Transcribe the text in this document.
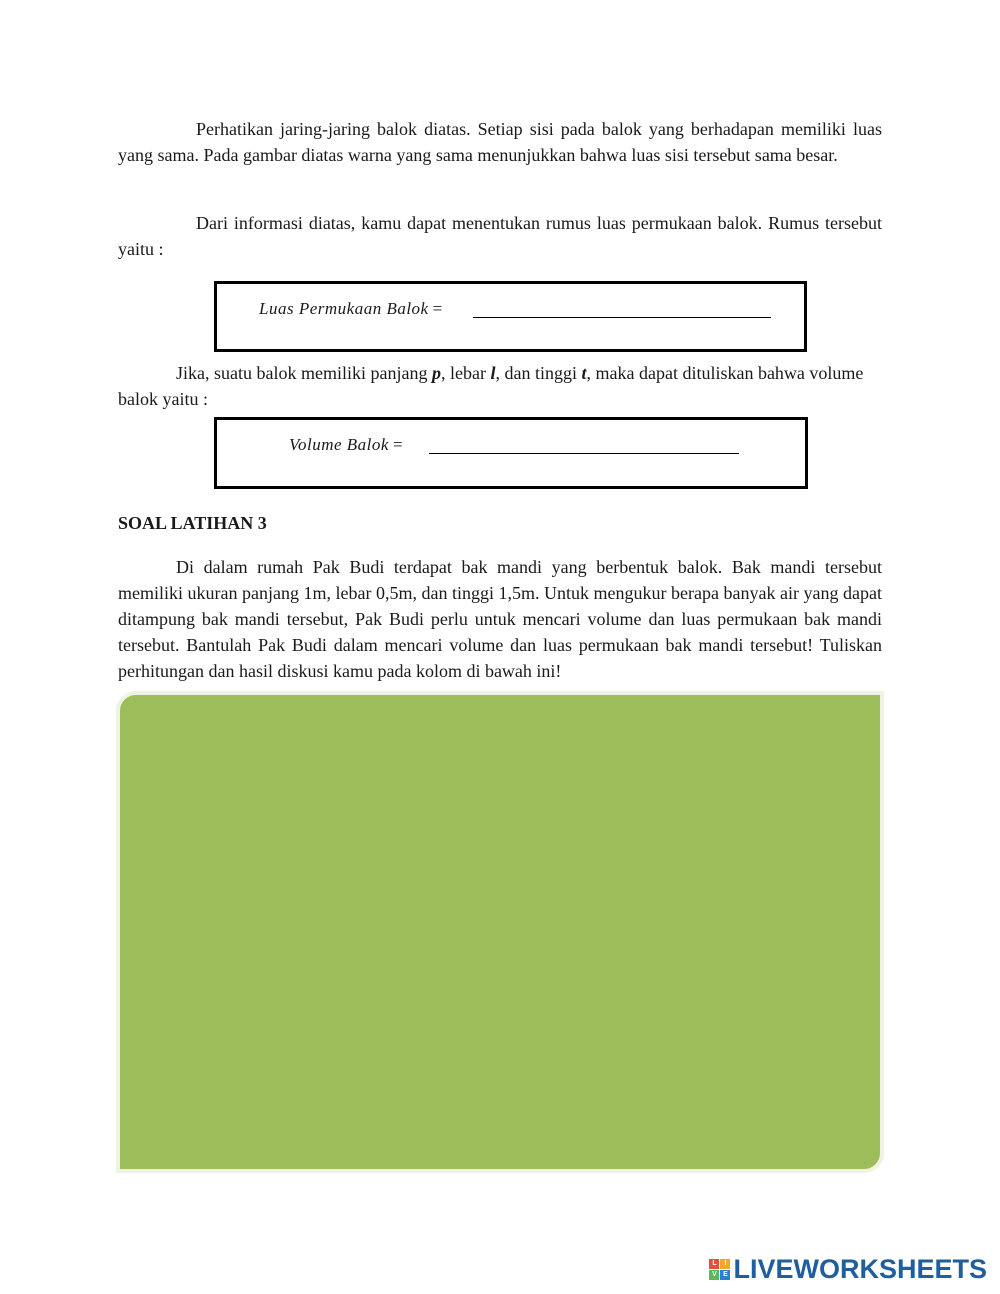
Perhatikan jaring-jaring balok diatas. Setiap sisi pada balok yang berhadapan memiliki luas yang sama. Pada gambar diatas warna yang sama menunjukkan bahwa luas sisi tersebut sama besar.

Dari informasi diatas, kamu dapat menentukan rumus luas permukaan balok. Rumus tersebut yaitu :

Luas Permukaan Balok =

Jika, suatu balok memiliki panjang p, lebar l, dan tinggi t, maka dapat dituliskan bahwa volume balok yaitu :

Volume Balok =
SOAL LATIHAN 3

Di dalam rumah Pak Budi terdapat bak mandi yang berbentuk balok. Bak mandi tersebut memiliki ukuran panjang 1m, lebar 0,5m, dan tinggi 1,5m. Untuk mengukur berapa banyak air yang dapat ditampung bak mandi tersebut, Pak Budi perlu untuk mencari volume dan luas permukaan bak mandi tersebut. Bantulah Pak Budi dalam mencari volume dan luas permukaan bak mandi tersebut! Tuliskan perhitungan dan hasil diskusi kamu pada kolom di bawah ini!

L	I
V E LIVEWORKSHEETS
